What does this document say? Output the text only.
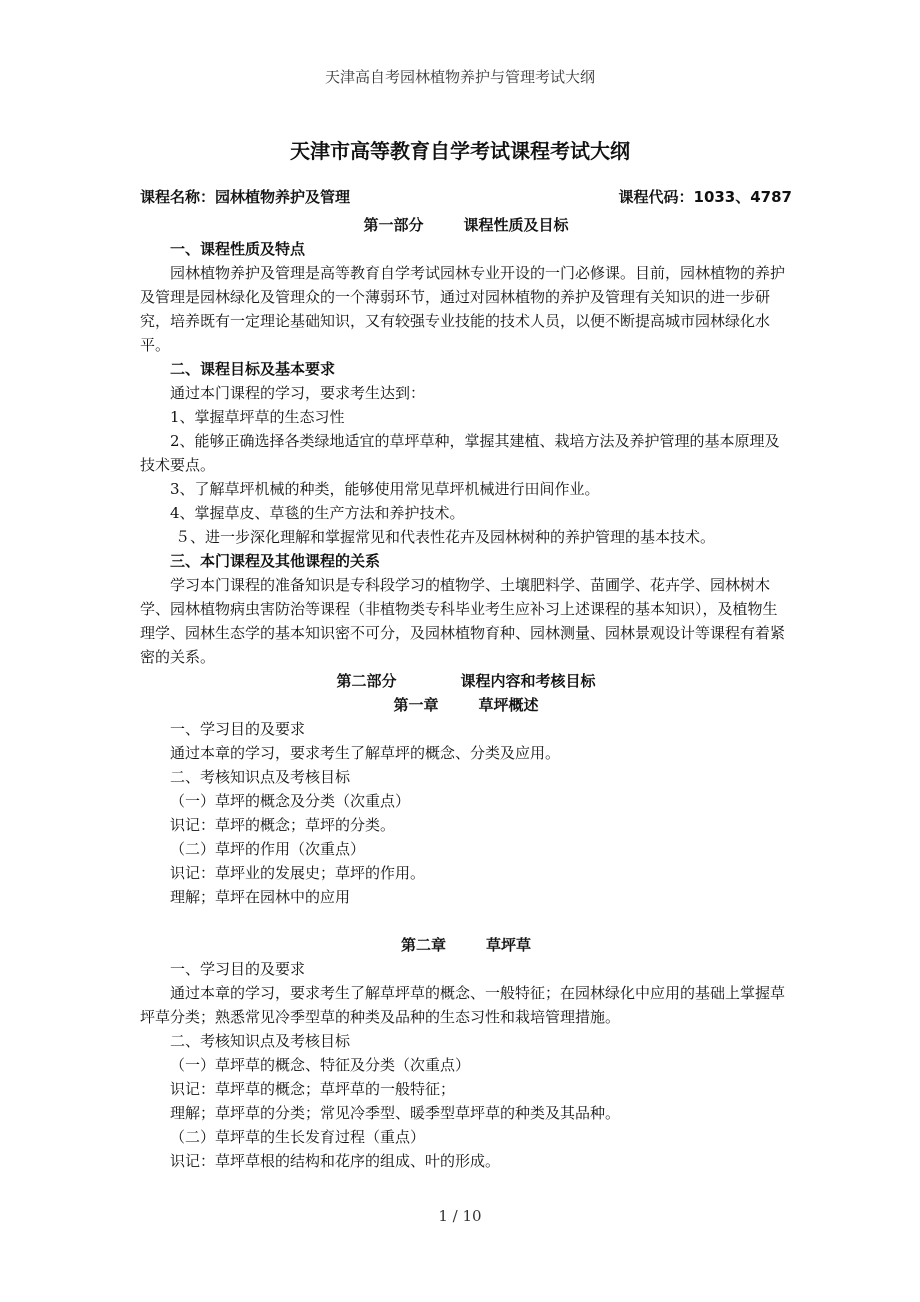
天津高自考园林植物养护与管理考试大纲
天津市高等教育自学考试课程考试大纲
课程名称：园林植物养护及管理	课程代码：1033、4787

第一部分	课程性质及目标

一、课程性质及特点

园林植物养护及管理是高等教育自学考试园林专业开设的一门必修课。目前，园林植物的养护及管理是园林绿化及管理众的一个薄弱环节，通过对园林植物的养护及管理有关知识的进一步研究，培养既有一定理论基础知识，又有较强专业技能的技术人员，以便不断提高城市园林绿化水平。

二、课程目标及基本要求

通过本门课程的学习，要求考生达到：

1、掌握草坪草的生态习性

2、能够正确选择各类绿地适宜的草坪草种，掌握其建植、栽培方法及养护管理的基本原理及技术要点。

3、了解草坪机械的种类，能够使用常见草坪机械进行田间作业。

4、掌握草皮、草毯的生产方法和养护技术。

５、进一步深化理解和掌握常见和代表性花卉及园林树种的养护管理的基本技术。

三、本门课程及其他课程的关系

学习本门课程的准备知识是专科段学习的植物学、土壤肥料学、苗圃学、花卉学、园林树木学、园林植物病虫害防治等课程（非植物类专科毕业考生应补习上述课程的基本知识），及植物生理学、园林生态学的基本知识密不可分，及园林植物育种、园林测量、园林景观设计等课程有着紧密的关系。

第二部分	课程内容和考核目标

第一章	草坪概述

一、学习目的及要求

通过本章的学习，要求考生了解草坪的概念、分类及应用。

二、考核知识点及考核目标

（一）草坪的概念及分类（次重点）

识记：草坪的概念；草坪的分类。

（二）草坪的作用（次重点）

识记：草坪业的发展史；草坪的作用。

理解；草坪在园林中的应用

第二章	草坪草

一、学习目的及要求

通过本章的学习，要求考生了解草坪草的概念、一般特征；在园林绿化中应用的基础上掌握草坪草分类；熟悉常见冷季型草的种类及品种的生态习性和栽培管理措施。

二、考核知识点及考核目标

（一）草坪草的概念、特征及分类（次重点）

识记：草坪草的概念；草坪草的一般特征；

理解；草坪草的分类；常见冷季型、暖季型草坪草的种类及其品种。

（二）草坪草的生长发育过程（重点）

识记：草坪草根的结构和花序的组成、叶的形成。

1 / 10
